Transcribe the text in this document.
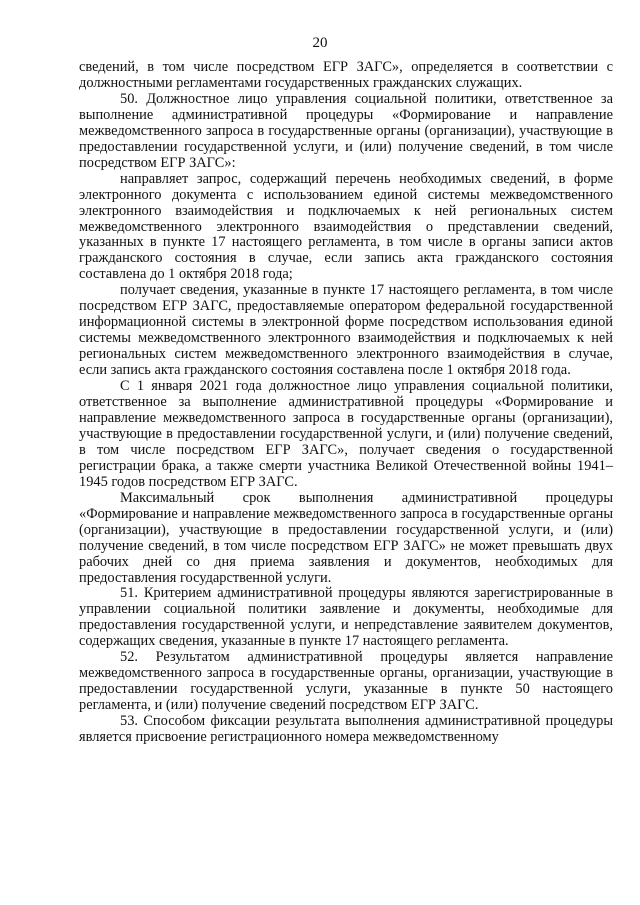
20

сведений, в том числе посредством ЕГР ЗАГС», определяется в соответствии с должностными регламентами государственных гражданских служащих.

50. Должностное лицо управления социальной политики, ответственное за выполнение административной процедуры «Формирование и направление межведомственного запроса в государственные органы (организации), участвующие в предоставлении государственной услуги, и (или) получение сведений, в том числе посредством ЕГР ЗАГС»:

направляет запрос, содержащий перечень необходимых сведений, в форме электронного документа с использованием единой системы межведомственного электронного взаимодействия и подключаемых к ней региональных систем межведомственного электронного взаимодействия о представлении сведений, указанных в пункте 17 настоящего регламента, в том числе в органы записи актов гражданского состояния в случае, если запись акта гражданского состояния составлена до 1 октября 2018 года;

получает сведения, указанные в пункте 17 настоящего регламента, в том числе посредством ЕГР ЗАГС, предоставляемые оператором федеральной государственной информационной системы в электронной форме посредством использования единой системы межведомственного электронного взаимодействия и подключаемых к ней региональных систем межведомственного электронного взаимодействия в случае, если запись акта гражданского состояния составлена после 1 октября 2018 года.

С 1 января 2021 года должностное лицо управления социальной политики, ответственное за выполнение административной процедуры «Формирование и направление межведомственного запроса в государственные органы (организации), участвующие в предоставлении государственной услуги, и (или) получение сведений, в том числе посредством ЕГР ЗАГС», получает сведения о государственной регистрации брака, а также смерти участника Великой Отечественной войны 1941–1945 годов посредством ЕГР ЗАГС.

Максимальный срок выполнения административной процедуры «Формирование и направление межведомственного запроса в государственные органы (организации), участвующие в предоставлении государственной услуги, и (или) получение сведений, в том числе посредством ЕГР ЗАГС» не может превышать двух рабочих дней со дня приема заявления и документов, необходимых для предоставления государственной услуги.

51. Критерием административной процедуры являются зарегистрированные в управлении социальной политики заявление и документы, необходимые для предоставления государственной услуги, и непредставление заявителем документов, содержащих сведения, указанные в пункте 17 настоящего регламента.

52. Результатом административной процедуры является направление межведомственного запроса в государственные органы, организации, участвующие в предоставлении государственной услуги, указанные в пункте 50 настоящего регламента, и (или) получение сведений посредством ЕГР ЗАГС.

53. Способом фиксации результата выполнения административной процедуры является присвоение регистрационного номера межведомственному
